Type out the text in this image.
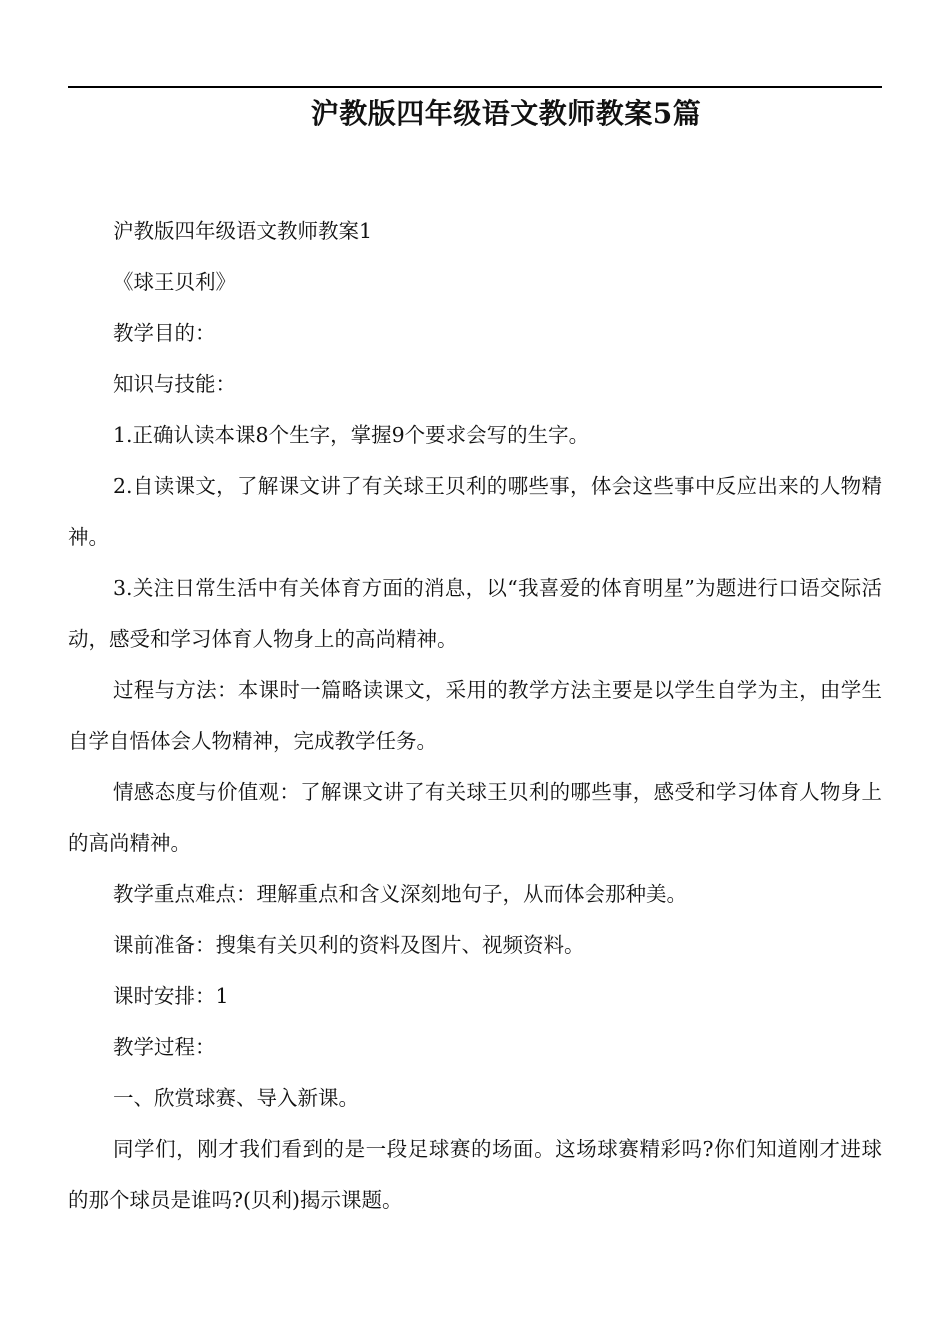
沪教版四年级语文教师教案5篇

沪教版四年级语文教师教案1

《球王贝利》

教学目的：

知识与技能：

1.正确认读本课8个生字，掌握9个要求会写的生字。

2.自读课文，了解课文讲了有关球王贝利的哪些事，体会这些事中反应出来的人物精神。

3.关注日常生活中有关体育方面的消息，以“我喜爱的体育明星”为题进行口语交际活动，感受和学习体育人物身上的高尚精神。

过程与方法：本课时一篇略读课文，采用的教学方法主要是以学生自学为主，由学生自学自悟体会人物精神，完成教学任务。

情感态度与价值观：了解课文讲了有关球王贝利的哪些事，感受和学习体育人物身上的高尚精神。

教学重点难点：理解重点和含义深刻地句子，从而体会那种美。

课前准备：搜集有关贝利的资料及图片、视频资料。

课时安排：1

教学过程：

一、欣赏球赛、导入新课。

同学们，刚才我们看到的是一段足球赛的场面。这场球赛精彩吗?你们知道刚才进球的那个球员是谁吗?(贝利)揭示课题。
